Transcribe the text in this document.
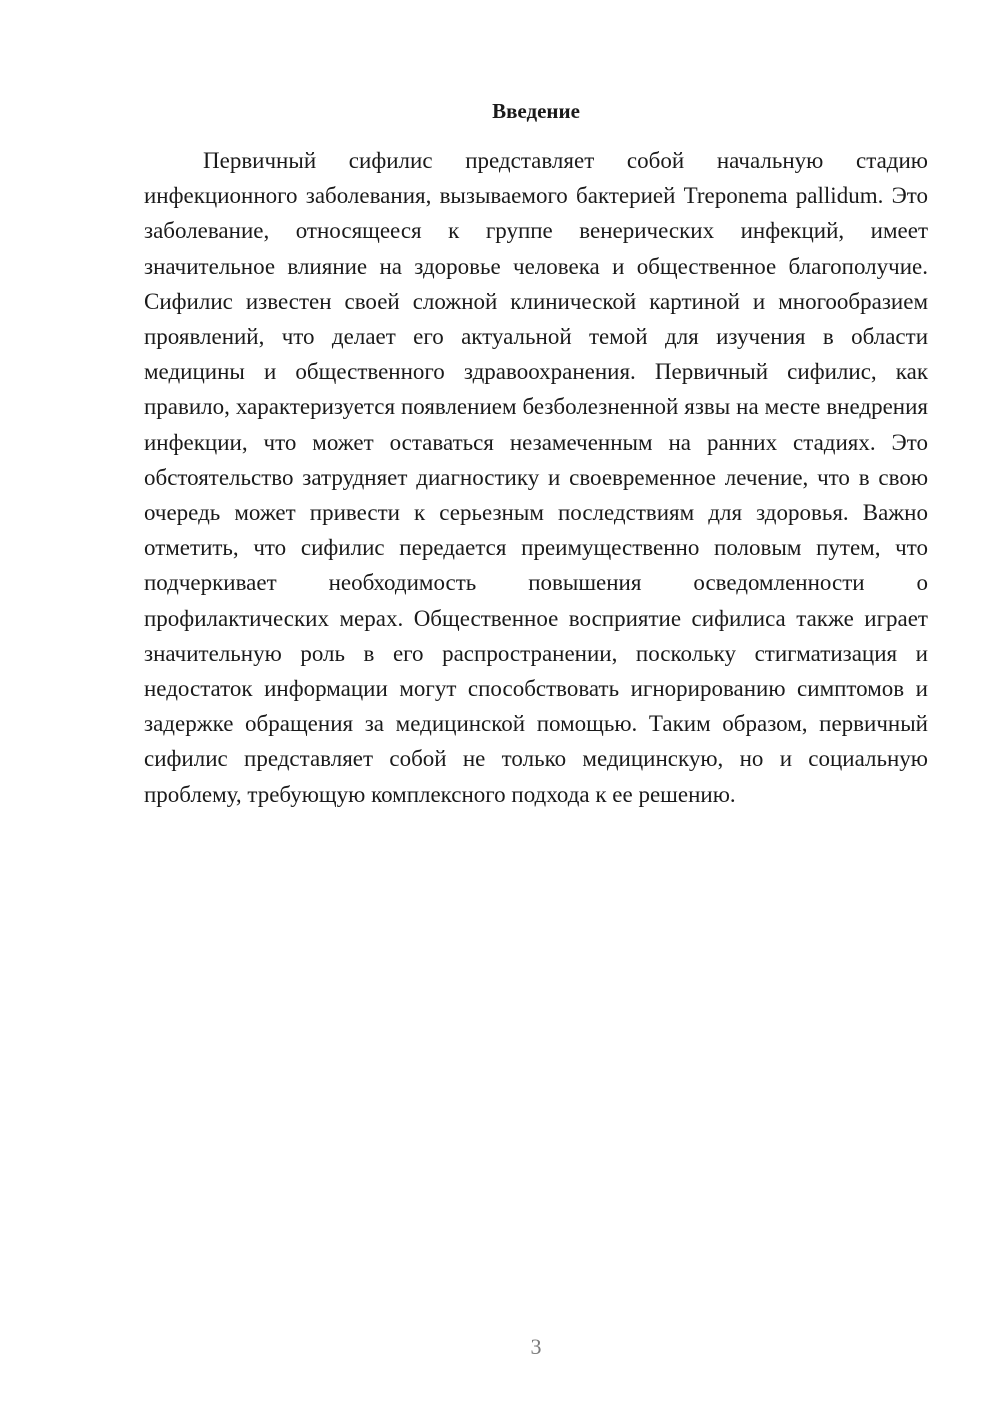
Введение

Первичный сифилис представляет собой начальную стадию инфекционного заболевания, вызываемого бактерией Treponema pallidum. Это заболевание, относящееся к группе венерических инфекций, имеет значительное влияние на здоровье человека и общественное благополучие. Сифилис известен своей сложной клинической картиной и многообразием проявлений, что делает его актуальной темой для изучения в области медицины и общественного здравоохранения. Первичный сифилис, как правило, характеризуется появлением безболезненной язвы на месте внедрения инфекции, что может оставаться незамеченным на ранних стадиях. Это обстоятельство затрудняет диагностику и своевременное лечение, что в свою очередь может привести к серьезным последствиям для здоровья. Важно отметить, что сифилис передается преимущественно половым путем, что подчеркивает необходимость повышения осведомленности о профилактических мерах. Общественное восприятие сифилиса также играет значительную роль в его распространении, поскольку стигматизация и недостаток информации могут способствовать игнорированию симптомов и задержке обращения за медицинской помощью. Таким образом, первичный сифилис представляет собой не только медицинскую, но и социальную проблему, требующую комплексного подхода к ее решению.

3
